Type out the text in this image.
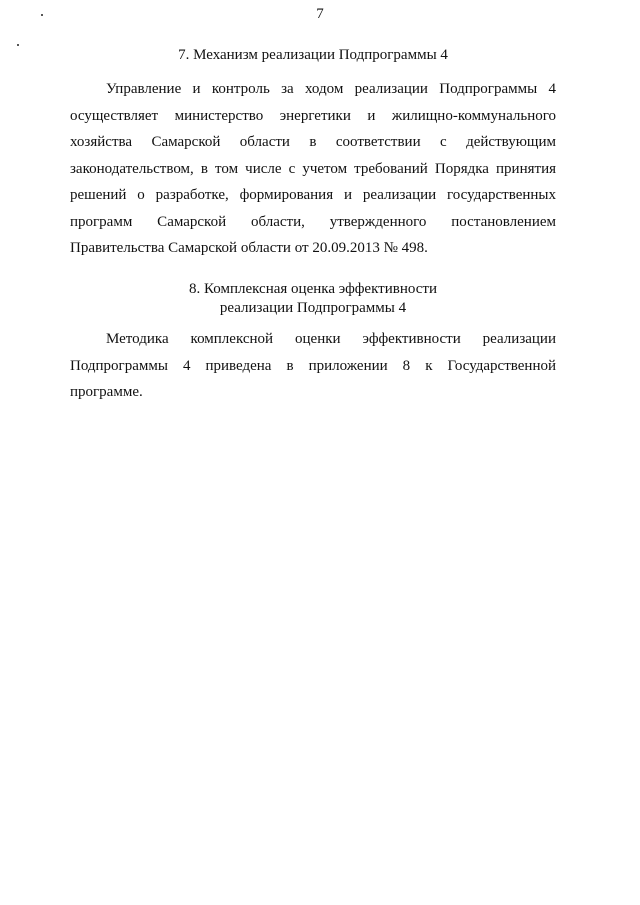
7
7. Механизм реализации Подпрограммы 4
Управление и контроль за ходом реализации Подпрограммы 4
осуществляет министерство энергетики и жилищно-коммунального
хозяйства Самарской области в соответствии с действующим
законодательством, в том числе с учетом требований Порядка принятия
решений о разработке, формирования и реализации государственных
программ Самарской области, утвержденного постановлением
Правительства Самарской области от 20.09.2013 № 498.
8. Комплексная оценка эффективности
реализации Подпрограммы 4
Методика комплексной оценки эффективности реализации
Подпрограммы 4 приведена в приложении 8 к Государственной
программе.
